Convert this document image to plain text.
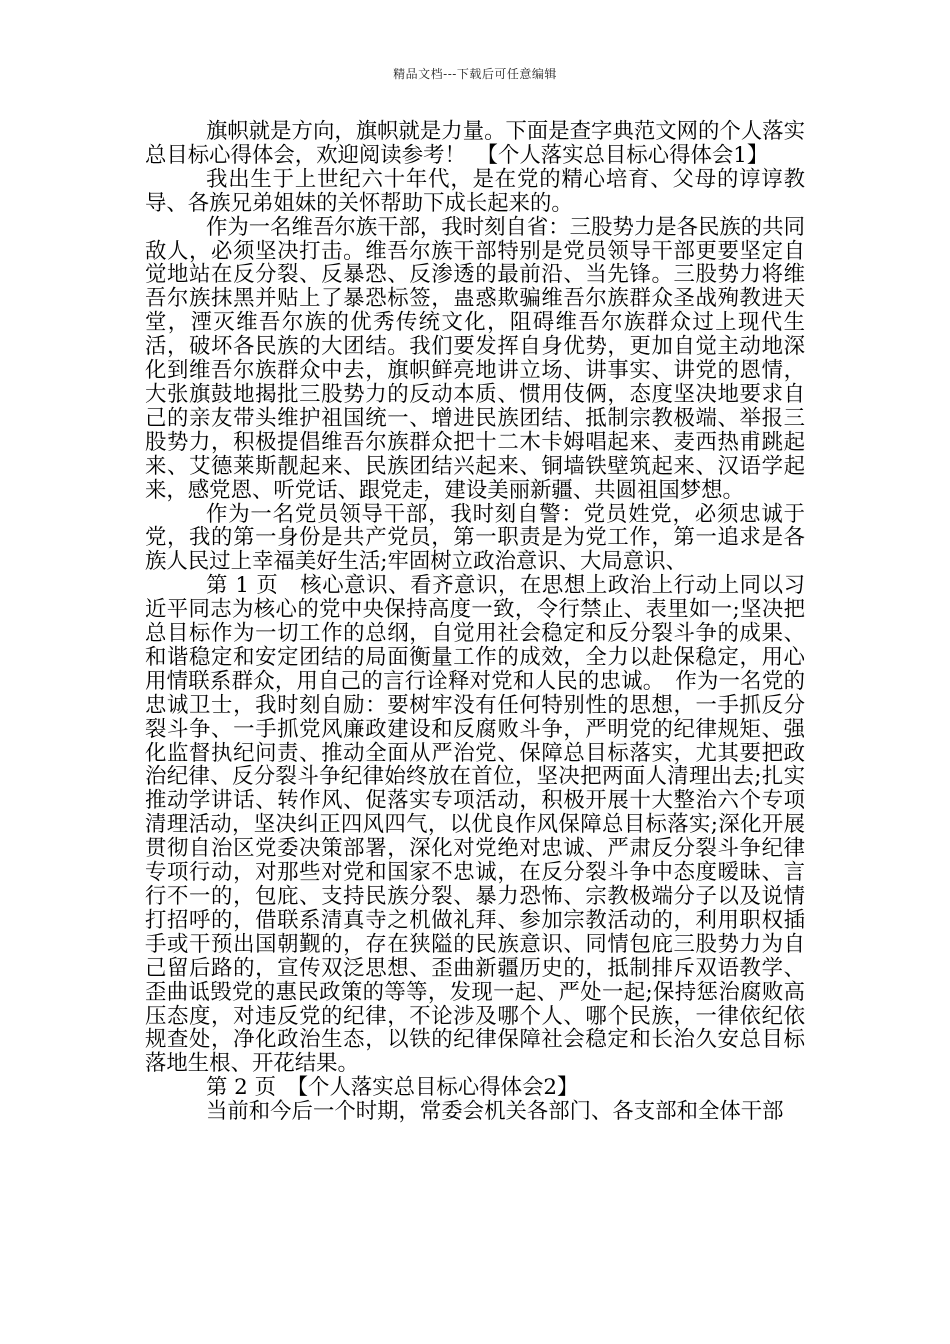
精品文档---下载后可任意编辑

旗帜就是方向，旗帜就是力量。下面是查字典范文网的个人落实总目标心得体会，欢迎阅读参考！　【个人落实总目标心得体会1】

我出生于上世纪六十年代，是在党的精心培育、父母的谆谆教导、各族兄弟姐妹的关怀帮助下成长起来的。

作为一名维吾尔族干部，我时刻自省：三股势力是各民族的共同敌人，必须坚决打击。维吾尔族干部特别是党员领导干部更要坚定自觉地站在反分裂、反暴恐、反渗透的最前沿、当先锋。三股势力将维吾尔族抹黑并贴上了暴恐标签，蛊惑欺骗维吾尔族群众圣战殉教进天堂，湮灭维吾尔族的优秀传统文化，阻碍维吾尔族群众过上现代生活，破坏各民族的大团结。我们要发挥自身优势，更加自觉主动地深化到维吾尔族群众中去，旗帜鲜亮地讲立场、讲事实、讲党的恩情，大张旗鼓地揭批三股势力的反动本质、惯用伎俩，态度坚决地要求自己的亲友带头维护祖国统一、增进民族团结、抵制宗教极端、举报三股势力，积极提倡维吾尔族群众把十二木卡姆唱起来、麦西热甫跳起来、艾德莱斯靓起来、民族团结兴起来、铜墙铁壁筑起来、汉语学起来，感党恩、听党话、跟党走，建设美丽新疆、共圆祖国梦想。

作为一名党员领导干部，我时刻自警：党员姓党，必须忠诚于党，我的第一身份是共产党员，第一职责是为党工作，第一追求是各族人民过上幸福美好生活;牢固树立政治意识、大局意识、

第 1 页　核心意识、看齐意识，在思想上政治上行动上同以习近平同志为核心的党中央保持高度一致，令行禁止、表里如一;坚决把总目标作为一切工作的总纲，自觉用社会稳定和反分裂斗争的成果、和谐稳定和安定团结的局面衡量工作的成效，全力以赴保稳定，用心用情联系群众，用自己的言行诠释对党和人民的忠诚。　作为一名党的忠诚卫士，我时刻自励：要树牢没有任何特别性的思想，一手抓反分裂斗争、一手抓党风廉政建设和反腐败斗争，严明党的纪律规矩、强化监督执纪问责、推动全面从严治党、保障总目标落实，尤其要把政治纪律、反分裂斗争纪律始终放在首位，坚决把两面人清理出去;扎实推动学讲话、转作风、促落实专项活动，积极开展十大整治六个专项清理活动，坚决纠正四风四气，以优良作风保障总目标落实;深化开展贯彻自治区党委决策部署，深化对党绝对忠诚、严肃反分裂斗争纪律专项行动，对那些对党和国家不忠诚，在反分裂斗争中态度暧昧、言行不一的，包庇、支持民族分裂、暴力恐怖、宗教极端分子以及说情打招呼的，借联系清真寺之机做礼拜、参加宗教活动的，利用职权插手或干预出国朝觐的，存在狭隘的民族意识、同情包庇三股势力为自己留后路的，宣传双泛思想、歪曲新疆历史的，抵制排斥双语教学、歪曲诋毁党的惠民政策的等等，发现一起、严处一起;保持惩治腐败高压态度，对违反党的纪律，不论涉及哪个人、哪个民族，一律依纪依规查处，净化政治生态，以铁的纪律保障社会稳定和长治久安总目标落地生根、开花结果。

第 2 页　【个人落实总目标心得体会2】

当前和今后一个时期，常委会机关各部门、各支部和全体干部
